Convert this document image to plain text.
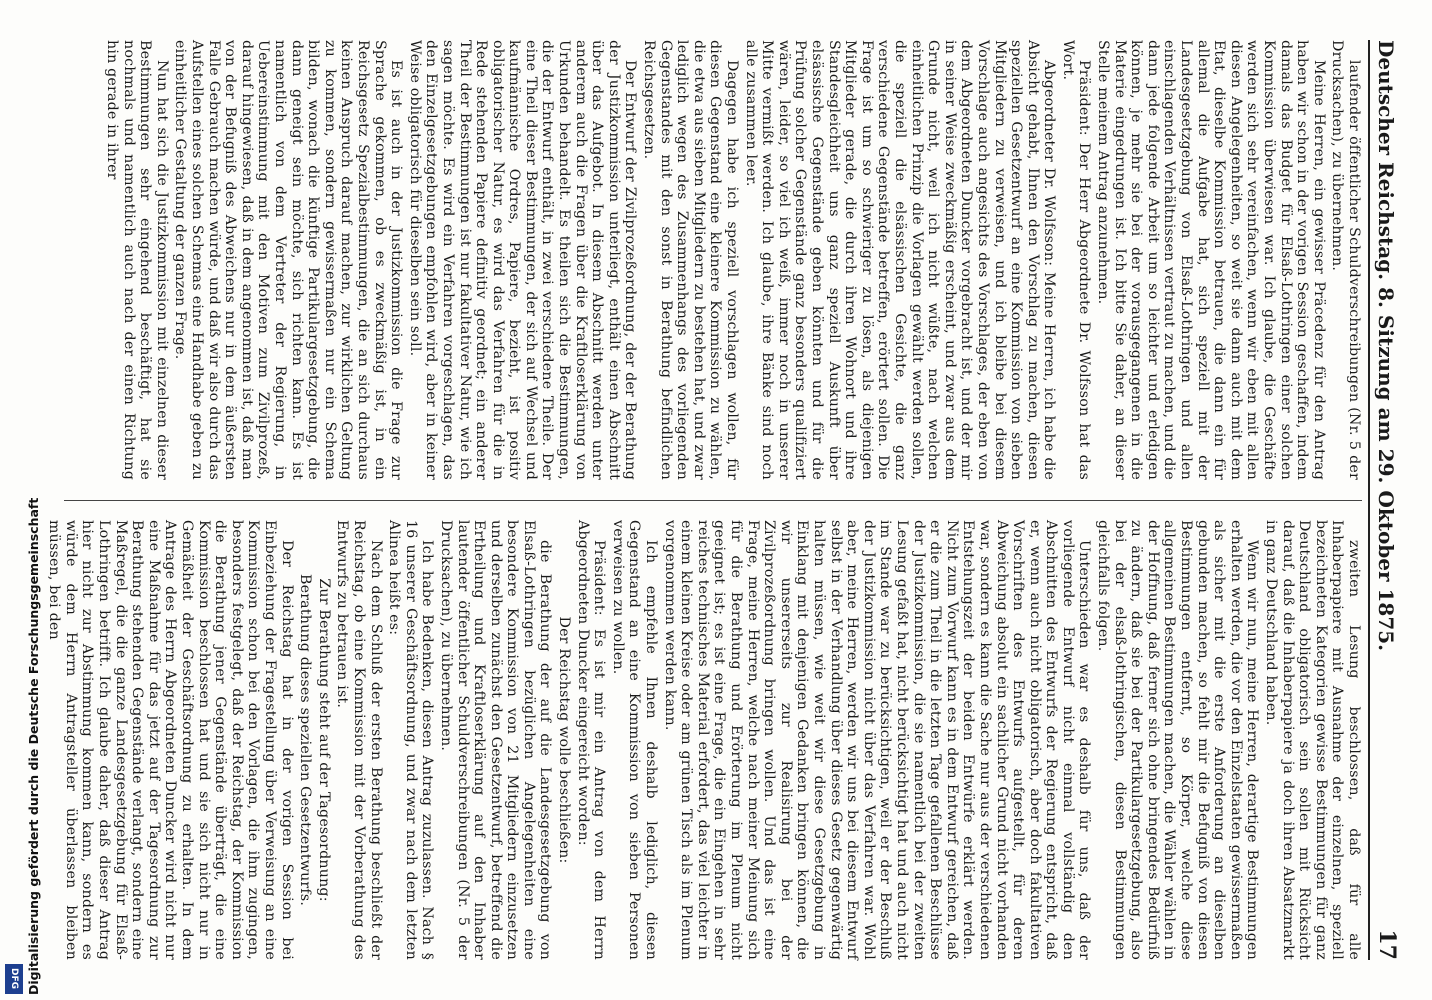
Deutscher Reichstag. 8. Sitzung am 29. Oktober 1875.
17

laufender öffentlicher Schuldverschreibungen (Nr. 5 der Drucksachen), zu übernehmen.

Meine Herren, ein gewisser Präcedenz für den Antrag haben wir schon in der vorigen Session geschaffen, indem damals das Budget für Elsaß-Lothringen einer solchen Kommission überwiesen war. Ich glaube, die Geschäfte werden sich sehr vereinfachen, wenn wir eben mit allen diesen Angelegenheiten, so weit sie dann auch mit dem Etat, dieselbe Kommission betrauen, die dann ein für allemal die Aufgabe hat, sich speziell mit der Landesgesetzgebung von Elsaß-Lothringen und allen einschlagenden Verhältnissen vertraut zu machen, und die dann jede folgende Arbeit um so leichter und erledigen können, je mehr sie bei der vorausgegangenen in die Materie eingedrungen ist. Ich bitte Sie daher, an dieser Stelle meinem Antrag anzunehmen.

Präsident: Der Herr Abgeordnete Dr. Wolfsson hat das Wort.

Abgeordneter Dr. Wolfsson: Meine Herren, ich habe die Absicht gehabt, Ihnen den Vorschlag zu machen, diesen speziellen Gesetzentwurf an eine Kommission von sieben Mitgliedern zu verweisen, und ich bleibe bei diesem Vorschlage auch angesichts des Vorschlages, der eben von dem Abgeordneten Duncker vorgebracht ist, und der mir in seiner Weise zweckmäßig erscheint, und zwar aus dem Grunde nicht, weil ich nicht wüßte, nach welchen einheitlichen Prinzip die Vorlagen gewählt werden sollen, die speziell die elsässischen Gesichte, die ganz verschiedene Gegenstände betreffen, erörtert sollen. Die Frage ist um so schwieriger zu lösen, als diejenigen Mitglieder gerade, die durch ihren Wohnort und ihre Standesgleichheit uns ganz speziell Auskunft über elsässische Gegenstände geben könnten und für die Prüfung solcher Gegenstände ganz besonders qualifiziert wären, leider, so viel ich weiß, immer noch in unserer Mitte vermißt werden. Ich glaube, ihre Bänke sind noch alle zusammen leer.

Dagegen habe ich speziell vorschlagen wollen, für diesen Gegenstand eine kleinere Kommission zu wählen, die etwa aus sieben Mitgliedern zu bestehen hat, und zwar lediglich wegen des Zusammenhangs des vorliegenden Gegenstandes mit den sonst in Berathung befindlichen Reichsgesetzen.

Der Entwurf der Zivilprozeßordnung, der der Berathung der Justizkommission unterliegt, enthält einen Abschnitt über das Aufgebot. In diesem Abschnitt werden unter anderem auch die Fragen über die Kraftloserklärung von Urkunden behandelt. Es theilen sich die Bestimmungen, die der Entwurf enthält, in zwei verschiedene Theile. Der eine Theil dieser Bestimmungen, der sich auf Wechsel und kaufmännische Ordres, Papiere, bezieht, ist positiv obligatorischer Natur, es wird das Verfahren für die in Rede stehenden Papiere definitiv geordnet; ein anderer Theil der Bestimmungen ist nur fakultativer Natur, wie ich sagen möchte. Es wird ein Verfahren vorgeschlagen, das den Einzelgesetzgebungen empfohlen wird, aber in keiner Weise obligatorisch für dieselben sein soll.

Es ist auch in der Justizkommission die Frage zur Sprache gekommen, ob es zweckmäßig ist, in ein Reichsgesetz Spezialbestimmungen, die an sich durchaus keinen Anspruch darauf machen, zur wirklichen Geltung zu kommen, sondern gewissermaßen nur ein Schema bilden, wonach die künftige Partikulargesetzgebung, die dann geneigt sein möchte, sich richten kann. Es ist namentlich von dem Vertreter der Regierung, in Uebereinstimmung mit den Motiven zum Zivilprozeß, darauf hingewiesen, daß in dem angenommen ist, daß man von der Befugniß des Abweichens nur in dem äußersten Falle Gebrauch machen würde, und daß wir also durch das Aufstellen eines solchen Schemas eine Handhabe geben zu einheitlicher Gestaltung der ganzen Frage.

Nun hat sich die Justizkommission mit einzelnen dieser Bestimmungen sehr eingehend beschäftigt, hat sie nochmals und namentlich auch nach der einen Richtung hin gerade in ihrer

zweiten Lesung beschlossen, daß für alle Inhaberpapiere mit Ausnahme der einzelnen, speziell bezeichneten Kategorien gewisse Bestimmungen für ganz Deutschland obligatorisch sein sollen mit Rücksicht darauf, daß die Inhaberpapiere ja doch ihren Absatzmarkt in ganz Deutschland haben.

Wenn wir nun, meine Herren, derartige Bestimmungen erhalten werden, die vor den Einzelstaaten gewissermaßen als sicher mit die erste Anforderung an dieselben gebunden machen, so fehlt mir die Befugniß von diesen Bestimmungen entfernt, so Körper, welche diese allgemeinen Bestimmungen machen, die Wähler wählen in der Hoffnung, daß ferner sich ohne bringendes Bedürfniß zu ändern, daß sie bei der Partikulargesetzgebung, also bei der elsaß-lothringischen, diesen Bestimmungen gleichfalls folgen.

Unterschieden war es deshalb für uns, daß der vorliegende Entwurf nicht einmal vollständig den Abschnitten des Entwurfs der Regierung entspricht, daß er, wenn auch nicht obligatorisch, aber doch fakultativen Vorschriften des Entwurfs aufgestellt, für deren Abweichung absolut ein sachlicher Grund nicht vorhanden war, sondern es kann die Sache nur aus der verschiedenen Entstehungszeit der beiden Entwürfe erklärt werden. Nicht zum Vorwurf kann es in dem Entwurf gereichen, daß er die zum Theil in die letzten Tage gefallenen Beschlüsse der Justizkommission, die sie namentlich bei der zweiten Lesung gefaßt hat, nicht berücksichtigt hat und auch nicht im Stande war zu berücksichtigen, weil er der Beschluß der Justizkommission nicht über das Verfahren war. Wohl aber, meine Herren, werden wir uns bei diesem Entwurf selbst in der Verhandlung über dieses Gesetz gegenwärtig halten müssen, wie weit wir diese Gesetzgebung in Einklang mit denjenigen Gedanken bringen können, die wir unsererseits zur Realisirung bei der Zivilprozeßordnung bringen wollen. Und das ist eine Frage, meine Herren, welche nach meiner Meinung sich für die Berathung und Erörterung im Plenum nicht geeignet ist; es ist eine Frage, die ein Eingehen in sehr reiches technisches Material erfordert, das viel leichter in einem kleinen Kreise oder am grünen Tisch als im Plenum vorgenommen werden kann.

Ich empfehle Ihnen deshalb lediglich, diesen Gegenstand an eine Kommission von sieben Personen verweisen zu wollen.

Präsident: Es ist mir ein Antrag von dem Herrn Abgeordneten Duncker eingereicht worden:

Der Reichstag wolle beschließen:

die Berathung der auf die Landesgesetzgebung von Elsaß-Lothringen bezüglichen Angelegenheiten eine besondere Kommission von 21 Mitgliedern einzusetzen und derselben zunächst den Gesetzentwurf, betreffend die Ertheilung und Kraftloserklärung auf den Inhaber lautender öffentlicher Schuldverschreibungen (Nr. 5 der Drucksachen), zu übernehmen.

Ich habe Bedenken, diesen Antrag zuzulassen. Nach § 16 unserer Geschäftsordnung, und zwar nach dem letzten Alinea heißt es:

Nach dem Schluß der ersten Berathung beschließt der Reichstag, ob eine Kommission mit der Vorberathung des Entwurfs zu betrauen ist.

Zur Berathung steht auf der Tagesordnung:

Berathung dieses speziellen Gesetzentwurfs.

Der Reichstag hat in der vorigen Session bei Einbeziehung der Fragestellung über Verweisung an eine Kommission schon bei den Vorlagen, die ihm zugingen, besonders festgelegt, daß der Reichstag, der Kommission die Berathung jener Gegenstände überträgt, die eine Kommission beschlossen hat und sie sich nicht nur in Gemäßheit der Geschäftsordnung zu erhalten. In dem Antrage des Herrn Abgeordneten Duncker wird nicht nur eine Maßnahme für das jetzt auf der Tagesordnung zur Berathung stehenden Gegenstände verlangt, sondern eine Maßregel, die die ganze Landesgesetzgebung für Elsaß-Lothringen betrifft. Ich glaube daher, daß dieser Antrag hier nicht zur Abstimmung kommen kann, sondern es würde dem Herrn Antragsteller überlassen bleiben müssen, bei den

Digitalisierung gefördert durch die Deutsche Forschungsgemeinschaft
DFG
